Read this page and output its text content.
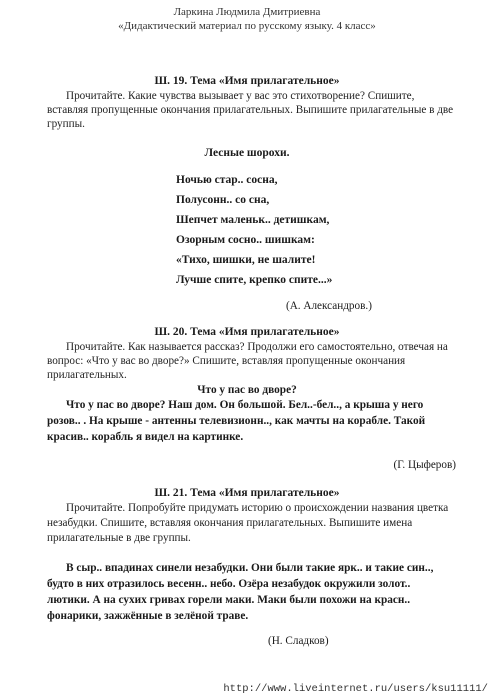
Ларкина Людмила Дмитриевна
«Дидактический материал по русскому языку. 4 класс»
Ш. 19. Тема «Имя прилагательное»
Прочитайте. Какие чувства вызывает у вас это стихотворение? Спишите,
вставляя пропущенные окончания прилагательных. Выпишите прилагательные в две
группы.
Лесные шорохи.
Ночью стар.. сосна,
Полусонн.. со сна,
Шепчет маленьк.. детишкам,
Озорным сосно.. шишкам:
«Тихо, шишки, не шалите!
Лучше спите, крепко спите...»
(А. Александров.)
Ш. 20. Тема «Имя прилагательное»
Прочитайте. Как называется рассказ? Продолжи его самостоятельно, отвечая на
вопрос: «Что у вас во дворе?» Спишите, вставляя пропущенные окончания
прилагательных.
Что у пас во дворе?
Что у пас во дворе? Наш дом. Он большой. Бел..-бел.., а крыша у него
розов.. . На крыше - антенны телевизионн.., как мачты на корабле. Такой
красив.. корабль я видел на картинке.
(Г. Цыферов)
Ш. 21. Тема «Имя прилагательное»
Прочитайте. Попробуйте придумать историю о происхождении названия цветка
незабудки. Спишите, вставляя окончания прилагательных. Выпишите имена
прилагательные в две группы.
В сыр.. впадинах синели незабудки. Они были такие ярк.. и такие син..,
будто в них отразилось весенн.. небо. Озёра незабудок окружили золот..
лютики. А на сухих гривах горели маки. Маки были похожи на красн..
фонарики, зажжённые в зелёной траве.
(Н. Сладков)
http://www.liveinternet.ru/users/ksu11111/
